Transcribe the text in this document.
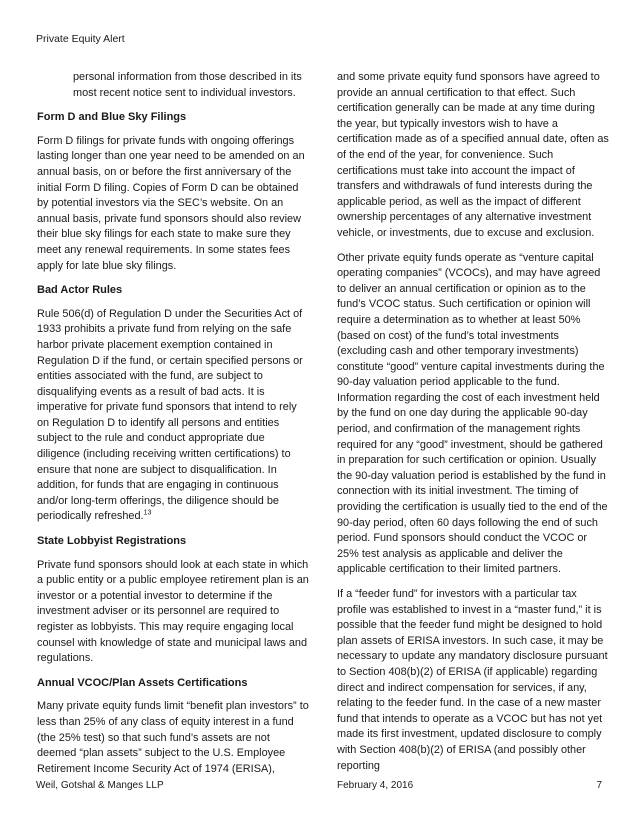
Private Equity Alert

personal information from those described in its most recent notice sent to individual investors.

Form D and Blue Sky Filings

Form D filings for private funds with ongoing offerings lasting longer than one year need to be amended on an annual basis, on or before the first anniversary of the initial Form D filing. Copies of Form D can be obtained by potential investors via the SEC’s website. On an annual basis, private fund sponsors should also review their blue sky filings for each state to make sure they meet any renewal requirements. In some states fees apply for late blue sky filings.

Bad Actor Rules

Rule 506(d) of Regulation D under the Securities Act of 1933 prohibits a private fund from relying on the safe harbor private placement exemption contained in Regulation D if the fund, or certain specified persons or entities associated with the fund, are subject to disqualifying events as a result of bad acts. It is imperative for private fund sponsors that intend to rely on Regulation D to identify all persons and entities subject to the rule and conduct appropriate due diligence (including receiving written certifications) to ensure that none are subject to disqualification. In addition, for funds that are engaging in continuous and/or long-term offerings, the diligence should be periodically refreshed.$^{13}$

State Lobbyist Registrations

Private fund sponsors should look at each state in which a public entity or a public employee retirement plan is an investor or a potential investor to determine if the investment adviser or its personnel are required to register as lobbyists. This may require engaging local counsel with knowledge of state and municipal laws and regulations.

Annual VCOC/Plan Assets Certifications

Many private equity funds limit “benefit plan investors” to less than 25% of any class of equity interest in a fund (the 25% test) so that such fund’s assets are not deemed “plan assets” subject to the U.S. Employee Retirement Income Security Act of 1974 (ERISA),

and some private equity fund sponsors have agreed to provide an annual certification to that effect. Such certification generally can be made at any time during the year, but typically investors wish to have a certification made as of a specified annual date, often as of the end of the year, for convenience. Such certifications must take into account the impact of transfers and withdrawals of fund interests during the applicable period, as well as the impact of different ownership percentages of any alternative investment vehicle, or investments, due to excuse and exclusion.

Other private equity funds operate as “venture capital operating companies” (VCOCs), and may have agreed to deliver an annual certification or opinion as to the fund’s VCOC status. Such certification or opinion will require a determination as to whether at least 50% (based on cost) of the fund’s total investments (excluding cash and other temporary investments) constitute “good” venture capital investments during the 90-day valuation period applicable to the fund. Information regarding the cost of each investment held by the fund on one day during the applicable 90-day period, and confirmation of the management rights required for any “good” investment, should be gathered in preparation for such certification or opinion. Usually the 90-day valuation period is established by the fund in connection with its initial investment. The timing of providing the certification is usually tied to the end of the 90-day period, often 60 days following the end of such period. Fund sponsors should conduct the VCOC or 25% test analysis as applicable and deliver the applicable certification to their limited partners.

If a “feeder fund” for investors with a particular tax profile was established to invest in a “master fund,” it is possible that the feeder fund might be designed to hold plan assets of ERISA investors. In such case, it may be necessary to update any mandatory disclosure pursuant to Section 408(b)(2) of ERISA (if applicable) regarding direct and indirect compensation for services, if any, relating to the feeder fund. In the case of a new master fund that intends to operate as a VCOC but has not yet made its first investment, updated disclosure to comply with Section 408(b)(2) of ERISA (and possibly other reporting

Weil, Gotshal & Manges LLP	February 4, 2016	7
